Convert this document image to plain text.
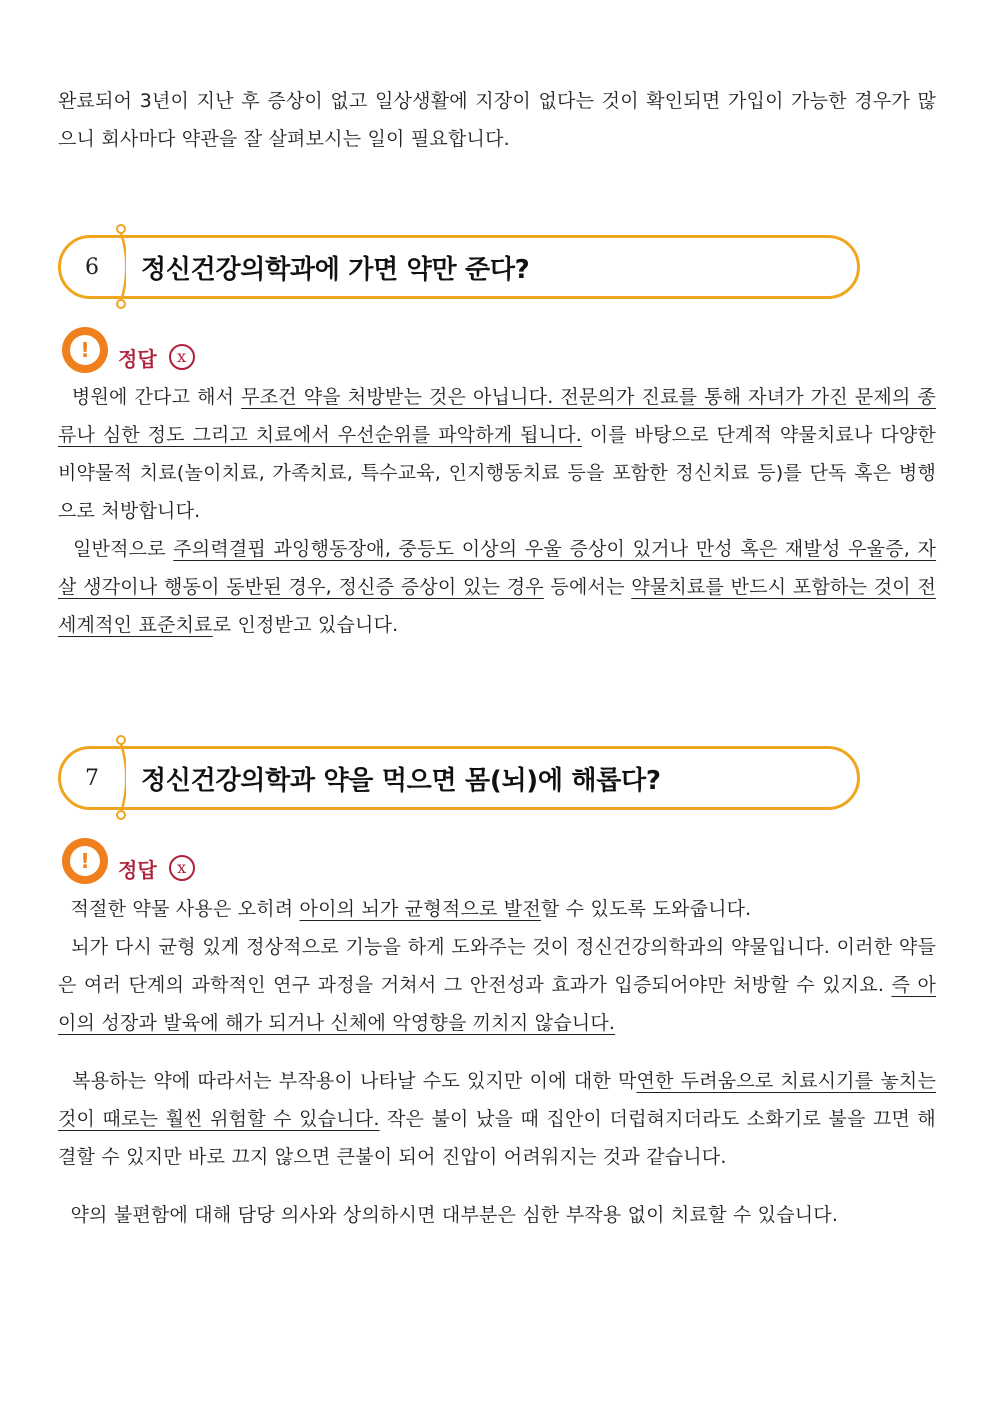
완료되어 3년이 지난 후 증상이 없고 일상생활에 지장이 없다는 것이 확인되면 가입이 가능한 경우가 많으니 회사마다 약관을 잘 살펴보시는 일이 필요합니다.

6	정신건강의학과에 가면 약만 준다?
!	정답	x

병원에 간다고 해서 무조건 약을 처방받는 것은 아닙니다. 전문의가 진료를 통해 자녀가 가진 문제의 종류나 심한 정도 그리고 치료에서 우선순위를 파악하게 됩니다. 이를 바탕으로 단계적 약물치료나 다양한 비약물적 치료(놀이치료, 가족치료, 특수교육, 인지행동치료 등을 포함한 정신치료 등)를 단독 혹은 병행으로 처방합니다.

일반적으로 주의력결핍 과잉행동장애, 중등도 이상의 우울 증상이 있거나 만성 혹은 재발성 우울증, 자살 생각이나 행동이 동반된 경우, 정신증 증상이 있는 경우 등에서는 약물치료를 반드시 포함하는 것이 전 세계적인 표준치료로 인정받고 있습니다.

7	정신건강의학과 약을 먹으면 몸(뇌)에 해롭다?
!	정답	x

적절한 약물 사용은 오히려 아이의 뇌가 균형적으로 발전할 수 있도록 도와줍니다.

뇌가 다시 균형 있게 정상적으로 기능을 하게 도와주는 것이 정신건강의학과의 약물입니다. 이러한 약들은 여러 단계의 과학적인 연구 과정을 거쳐서 그 안전성과 효과가 입증되어야만 처방할 수 있지요. 즉 아이의 성장과 발육에 해가 되거나 신체에 악영향을 끼치지 않습니다.

복용하는 약에 따라서는 부작용이 나타날 수도 있지만 이에 대한 막연한 두려움으로 치료시기를 놓치는 것이 때로는 훨씬 위험할 수 있습니다. 작은 불이 났을 때 집안이 더럽혀지더라도 소화기로 불을 끄면 해결할 수 있지만 바로 끄지 않으면 큰불이 되어 진압이 어려워지는 것과 같습니다.

약의 불편함에 대해 담당 의사와 상의하시면 대부분은 심한 부작용 없이 치료할 수 있습니다.
